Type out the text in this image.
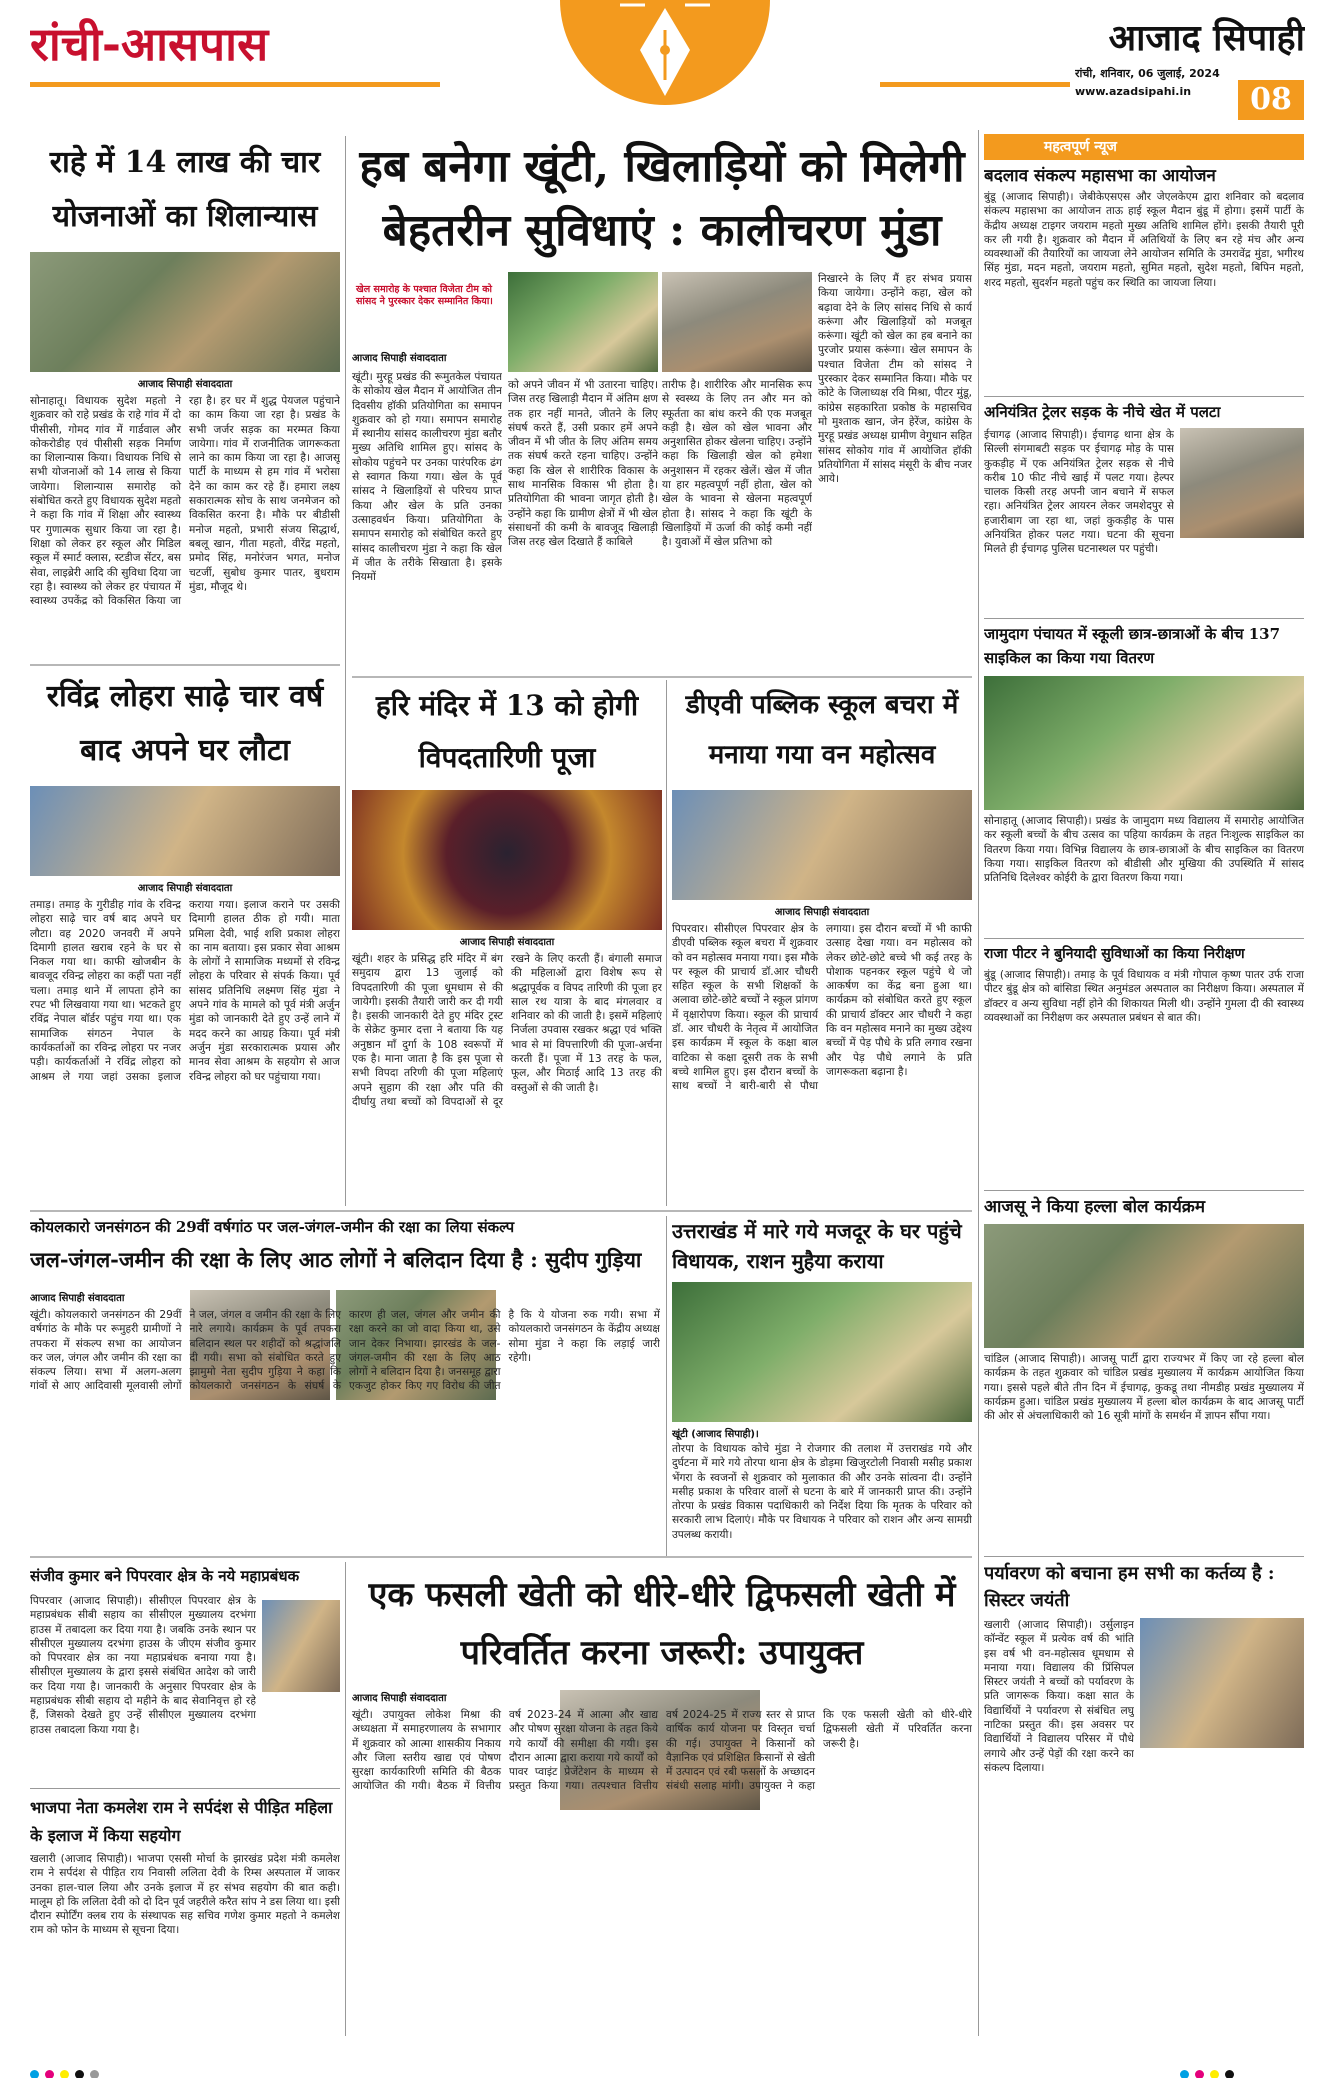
रांची-आसपास	आजाद सिपाही
रांची, शनिवार, 06 जुलाई, 2024
www.azadsipahi.in	08
राहे में 14 लाख की चार योजनाओं का शिलान्यास
आजाद सिपाही संवाददाता
सोनाहातू। विधायक सुदेश महतो ने शुक्रवार को राहे प्रखंड के राहे गांव में दो पीसीसी, गोमद गांव में गार्डवाल और कोकरोडीह एवं पीसीसी सड़क निर्माण का शिलान्यास किया। विधायक निधि से सभी योजनाओं को 14 लाख से किया जायेगा। शिलान्यास समारोह को संबोधित करते हुए विधायक सुदेश महतो ने कहा कि गांव में शिक्षा और स्वास्थ्य पर गुणात्मक सुधार किया जा रहा है। शिक्षा को लेकर हर स्कूल और मिडिल स्कूल में स्मार्ट क्लास, स्टडीज सेंटर, बस सेवा, लाइब्रेरी आदि की सुविधा दिया जा रहा है। स्वास्थ्य को लेकर हर पंचायत में स्वास्थ्य उपकेंद्र को विकसित किया जा रहा है। हर घर में शुद्ध पेयजल पहुंचाने का काम किया जा रहा है। प्रखंड के सभी जर्जर सड़क का मरम्मत किया जायेगा। गांव में राजनीतिक जागरूकता लाने का काम किया जा रहा है। आजसू पार्टी के माध्यम से हम गांव में भरोसा देने का काम कर रहे हैं। हमारा लक्ष्य सकारात्मक सोच के साथ जनमेजन को विकसित करना है। मौके पर बीडीसी मनोज महतो, प्रभारी संजय सिद्धार्थ, बबलू खान, गीता महतो, वीरेंद्र महतो, प्रमोद सिंह, मनोरंजन भगत, मनोज चटर्जी, सुबोध कुमार पातर, बुधराम मुंडा, मौजूद थे।
रविंद्र लोहरा साढ़े चार वर्ष बाद अपने घर लौटा
आजाद सिपाही संवाददाता
तमाड़। तमाड़ के गुरीडीह गांव के रविन्द्र लोहरा साढ़े चार वर्ष बाद अपने घर लौटा। वह 2020 जनवरी में अपने दिमागी हालत खराब रहने के घर से निकल गया था। काफी खोजबीन के बावजूद रविन्द्र लोहरा का कहीं पता नहीं चला। तमाड़ थाने में लापता होने का रपट भी लिखवाया गया था। भटकते हुए रविंद्र नेपाल बॉर्डर पहुंच गया था। एक सामाजिक संगठन नेपाल के कार्यकर्ताओं का रविन्द्र लोहरा पर नजर पड़ी। कार्यकर्ताओं ने रविंद्र लोहरा को आश्रम ले गया जहां उसका इलाज कराया गया। इलाज कराने पर उसकी दिमागी हालत ठीक हो गयी। माता प्रमिला देवी, भाई शशि प्रकाश लोहरा का नाम बताया। इस प्रकार सेवा आश्रम के लोगों ने सामाजिक मध्यमों से रविन्द्र लोहरा के परिवार से संपर्क किया। पूर्व सांसद प्रतिनिधि लक्ष्मण सिंह मुंडा ने अपने गांव के मामले को पूर्व मंत्री अर्जुन मुंडा को जानकारी देते हुए उन्हें लाने में मदद करने का आग्रह किया। पूर्व मंत्री अर्जुन मुंडा सरकारात्मक प्रयास और मानव सेवा आश्रम के सहयोग से आज रविन्द्र लोहरा को घर पहुंचाया गया।
हब बनेगा खूंटी, खिलाड़ियों को मिलेगी
बेहतरीन सुविधाएं : कालीचरण मुंडा
खेल समारोह के पश्चात विजेता टीम को सांसद ने पुरस्कार देकर सम्मानित किया।
आजाद सिपाही संवाददाता
खूंटी। मुरहू प्रखंड की रूमुतकेल पंचायत के सोकोय खेल मैदान में आयोजित तीन दिवसीय हॉकी प्रतियोगिता का समापन शुक्रवार को हो गया। समापन समारोह में स्थानीय सांसद कालीचरण मुंडा बतौर मुख्य अतिथि शामिल हुए। सांसद के सोकोय पहुंचने पर उनका पारंपरिक ढंग से स्वागत किया गया। खेल के पूर्व सांसद ने खिलाड़ियों से परिचय प्राप्त किया और खेल के प्रति उनका उत्साहवर्धन किया। प्रतियोगिता के समापन समारोह को संबोधित करते हुए सांसद कालीचरण मुंडा ने कहा कि खेल में जीत के तरीके सिखाता है। इसके नियमों
को अपने जीवन में भी उतारना चाहिए। जिस तरह खिलाड़ी मैदान में अंतिम क्षण तक हार नहीं मानते, जीतने के लिए संघर्ष करते हैं, उसी प्रकार हमें अपने जीवन में भी जीत के लिए अंतिम समय तक संघर्ष करते रहना चाहिए। उन्होंने कहा कि खेल से शारीरिक विकास के साथ मानसिक विकास भी होता है। प्रतियोगिता की भावना जागृत होती है। उन्होंने कहा कि ग्रामीण क्षेत्रों में भी खेल संसाधनों की कमी के बावजूद खिलाड़ी जिस तरह खेल दिखाते हैं काबिले
तारीफ है। शारीरिक और मानसिक रूप से स्वस्थ्य के लिए तन और मन को स्फूर्तता का बांध करने की एक मजबूत कड़ी है। खेल को खेल भावना और अनुशासित होकर खेलना चाहिए। उन्होंने कहा कि खिलाड़ी खेल को हमेशा अनुशासन में रहकर खेलें। खेल में जीत या हार महत्वपूर्ण नहीं होता, खेल को खेल के भावना से खेलना महत्वपूर्ण होता है। सांसद ने कहा कि खूंटी के खिलाड़ियों में ऊर्जा की कोई कमी नहीं है। युवाओं में खेल प्रतिभा को
निखारने के लिए मैं हर संभव प्रयास किया जायेगा। उन्होंने कहा, खेल को बढ़ावा देने के लिए सांसद निधि से कार्य करूंगा और खिलाड़ियों को मजबूत करूंगा। खूंटी को खेल का हब बनाने का पुरजोर प्रयास करूंगा। खेल समापन के पश्चात विजेता टीम को सांसद ने पुरस्कार देकर सम्मानित किया। मौके पर कोटे के जिलाध्यक्ष रवि मिश्रा, पीटर मुंडू, कांग्रेस सहकारिता प्रकोष्ठ के महासचिव मो मुश्ताक खान, जेन हेरेंज, कांग्रेस के मुरहू प्रखंड अध्यक्ष ग्रामीण वेगुधान सहित सांसद सोकोय गांव में आयोजित हॉकी प्रतियोगिता में सांसद मंसूरी के बीच नजर आये।
हरि मंदिर में 13 को होगी विपदतारिणी पूजा
आजाद सिपाही संवाददाता
खूंटी। शहर के प्रसिद्ध हरि मंदिर में बंग समुदाय द्वारा 13 जुलाई को विपदतारिणी की पूजा धूमधाम से की जायेगी। इसकी तैयारी जारी कर दी गयी है। इसकी जानकारी देते हुए मंदिर ट्रस्ट के सेक्रेट कुमार दत्ता ने बताया कि यह अनुष्ठान माँ दुर्गा के 108 स्वरूपों में एक है। माना जाता है कि इस पूजा से सभी विपदा तरिणी की पूजा महिलाएं अपने सुहाग की रक्षा और पति की दीर्घायु तथा बच्चों को विपदाओं से दूर रखने के लिए करती हैं। बंगाली समाज की महिलाओं द्वारा विशेष रूप से श्रद्धापूर्वक व विपद तारिणी की पूजा हर साल रथ यात्रा के बाद मंगलवार व शनिवार को की जाती है। इसमें महिलाएं निर्जला उपवास रखकर श्रद्धा एवं भक्ति भाव से मां विपत्तारिणी की पूजा-अर्चना करती हैं। पूजा में 13 तरह के फल, फूल, और मिठाई आदि 13 तरह की वस्तुओं से की जाती है।
डीएवी पब्लिक स्कूल बचरा में मनाया गया वन महोत्सव
आजाद सिपाही संवाददाता
पिपरवार। सीसीएल पिपरवार क्षेत्र के डीएवी पब्लिक स्कूल बचरा में शुक्रवार को वन महोत्सव मनाया गया। इस मौके पर स्कूल की प्राचार्य डॉ.आर चौधरी सहित स्कूल के सभी शिक्षकों के अलावा छोटे-छोटे बच्चों ने स्कूल प्रांगण में वृक्षारोपण किया। स्कूल की प्राचार्य डॉ. आर चौधरी के नेतृत्व में आयोजित इस कार्यक्रम में स्कूल के कक्षा बाल वाटिका से कक्षा दूसरी तक के सभी बच्चे शामिल हुए। इस दौरान बच्चों के साथ बच्चों ने बारी-बारी से पौधा लगाया। इस दौरान बच्चों में भी काफी उत्साह देखा गया। वन महोत्सव को लेकर छोटे-छोटे बच्चे भी कई तरह के पोशाक पहनकर स्कूल पहुंचे थे जो आकर्षण का केंद्र बना हुआ था। कार्यक्रम को संबोधित करते हुए स्कूल की प्राचार्य डॉक्टर आर चौधरी ने कहा कि वन महोत्सव मनाने का मुख्य उद्देश्य बच्चों में पेड़ पौधे के प्रति लगाव रखना और पेड़ पौधे लगाने के प्रति जागरूकता बढ़ाना है।
कोयलकारो जनसंगठन की 29वीं वर्षगांठ पर जल-जंगल-जमीन की रक्षा का लिया संकल्प
जल-जंगल-जमीन की रक्षा के लिए आठ लोगों ने बलिदान दिया है : सुदीप गुड़िया
आजाद सिपाही संवाददाता
खूंटी। कोयलकारो जनसंगठन की 29वीं वर्षगांठ के मौके पर रूमुहरी ग्रामीणों ने तपकरा में संकल्प सभा का आयोजन कर जल, जंगल और जमीन की रक्षा का संकल्प लिया। सभा में अलग-अलग गांवों से आए आदिवासी मूलवासी लोगों ने जल, जंगल व जमीन की रक्षा के लिए नारे लगाये। कार्यक्रम के पूर्व तपकरा बलिदान स्थल पर शहीदों को श्रद्धांजलि दी गयी। सभा को संबोधित करते हुए झामुमो नेता सुदीप गुड़िया ने कहा कि कोयलकारो जनसंगठन के संघर्ष के कारण ही जल, जंगल और जमीन की रक्षा करने का जो वादा किया था, उसे जान देकर निभाया। झारखंड के जल-जंगल-जमीन की रक्षा के लिए आठ लोगों ने बलिदान दिया है। जनसमूह द्वारा एकजुट होकर किए गए विरोध की जीत है कि ये योजना रुक गयी। सभा में कोयलकारो जनसंगठन के केंद्रीय अध्यक्ष सोमा मुंडा ने कहा कि लड़ाई जारी रहेगी।
उत्तराखंड में मारे गये मजदूर के घर पहुंचे विधायक, राशन मुहैया कराया
खूंटी (आजाद सिपाही)।
तोरपा के विधायक कोचे मुंडा ने रोजगार की तलाश में उत्तराखंड गये और दुर्घटना में मारे गये तोरपा थाना क्षेत्र के डोड़मा खिजुरटोली निवासी मसीह प्रकाश भेंगरा के स्वजनों से शुक्रवार को मुलाकात की और उनके सांत्वना दी। उन्होंने मसीह प्रकाश के परिवार वालों से घटना के बारे में जानकारी प्राप्त की। उन्होंने तोरपा के प्रखंड विकास पदाधिकारी को निर्देश दिया कि मृतक के परिवार को सरकारी लाभ दिलाएं। मौके पर विधायक ने परिवार को राशन और अन्य सामग्री उपलब्ध करायी।
संजीव कुमार बने पिपरवार क्षेत्र के नये महाप्रबंधक
पिपरवार (आजाद सिपाही)। सीसीएल पिपरवार क्षेत्र के महाप्रबंधक सीबी सहाय का सीसीएल मुख्यालय दरभंगा हाउस में तबादला कर दिया गया है। जबकि उनके स्थान पर सीसीएल मुख्यालय दरभंगा हाउस के जीएम संजीव कुमार को पिपरवार क्षेत्र का नया महाप्रबंधक बनाया गया है। सीसीएल मुख्यालय के द्वारा इससे संबंधित आदेश को जारी कर दिया गया है। जानकारी के अनुसार पिपरवार क्षेत्र के महाप्रबंधक सीबी सहाय दो महीने के बाद सेवानिवृत्त हो रहे हैं, जिसको देखते हुए उन्हें सीसीएल मुख्यालय दरभंगा हाउस तबादला किया गया है।
भाजपा नेता कमलेश राम ने सर्पदंश से पीड़ित महिला के इलाज में किया सहयोग
खलारी (आजाद सिपाही)। भाजपा एससी मोर्चा के झारखंड प्रदेश मंत्री कमलेश राम ने सर्पदंश से पीड़ित राय निवासी ललिता देवी के रिम्स अस्पताल में जाकर उनका हाल-चाल लिया और उनके इलाज में हर संभव सहयोग की बात कही। मालूम हो कि ललिता देवी को दो दिन पूर्व जहरीले करैत सांप ने डस लिया था। इसी दौरान स्पोर्टिंग क्लब राय के संस्थापक सह सचिव गणेश कुमार महतो ने कमलेश राम को फोन के माध्यम से सूचना दिया।
एक फसली खेती को धीरे-धीरे द्विफसली खेती में परिवर्तित करना जरूरी: उपायुक्त
आजाद सिपाही संवाददाता
खूंटी। उपायुक्त लोकेश मिश्रा की अध्यक्षता में समाहरणालय के सभागार में शुक्रवार को आत्मा शासकीय निकाय और जिला स्तरीय खाद्य एवं पोषण सुरक्षा कार्यकारिणी समिति की बैठक आयोजित की गयी। बैठक में वित्तीय वर्ष 2023-24 में आत्मा और खाद्य और पोषण सुरक्षा योजना के तहत किये गये कार्यों की समीक्षा की गयी। इस दौरान आत्मा द्वारा कराया गये कार्यों को पावर प्वाइंट प्रेजेंटेशन के माध्यम से प्रस्तुत किया गया। तत्पश्चात वित्तीय वर्ष 2024-25 में राज्य स्तर से प्राप्त वार्षिक कार्य योजना पर विस्तृत चर्चा की गई। उपायुक्त ने किसानों को वैज्ञानिक एवं प्रशिक्षित किसानों से खेती में उत्पादन एवं रबी फसलों के अच्छादन संबंधी सलाह मांगी। उपायुक्त ने कहा कि एक फसली खेती को धीरे-धीरे द्विफसली खेती में परिवर्तित करना जरूरी है।
महत्वपूर्ण न्यूज
बदलाव संकल्प महासभा का आयोजन
बुंडू (आजाद सिपाही)। जेबीकेएसएस और जेएलकेएम द्वारा शनिवार को बदलाव संकल्प महासभा का आयोजन ताऊ हाई स्कूल मैदान बुंडू में होगा। इसमें पार्टी के केंद्रीय अध्यक्ष टाइगर जयराम महतो मुख्य अतिथि शामिल होंगे। इसकी तैयारी पूरी कर ली गयी है। शुक्रवार को मैदान में अतिथियों के लिए बन रहे मंच और अन्य व्यवस्थाओं की तैयारियों का जायजा लेने आयोजन समिति के उमरावेंद्र मुंडा, भगीरथ सिंह मुंडा, मदन महतो, जयराम महतो, सुमित महतो, सुदेश महतो, बिपिन महतो, शरद महतो, सुदर्शन महतो पहुंच कर स्थिति का जायजा लिया।
अनियंत्रित ट्रेलर सड़क के नीचे खेत में पलटा
ईचागढ़ (आजाद सिपाही)। ईचागढ़ थाना क्षेत्र के सिल्ली संगमाबटी सड़क पर ईचागढ़ मोड़ के पास कुकड़ीह में एक अनियंत्रित ट्रेलर सड़क से नीचे करीब 10 फीट नीचे खाई में पलट गया। हेल्पर चालक किसी तरह अपनी जान बचाने में सफल रहा। अनियंत्रित ट्रेलर आयरन लेकर जमशेदपुर से हजारीबाग जा रहा था, जहां कुकड़ीह के पास अनियंत्रित होकर पलट गया। घटना की सूचना मिलते ही ईचागढ़ पुलिस घटनास्थल पर पहुंची।
जामुदाग पंचायत में स्कूली छात्र-छात्राओं के बीच 137 साइकिल का किया गया वितरण
सोनाहातू (आजाद सिपाही)। प्रखंड के जामुदाग मध्य विद्यालय में समारोह आयोजित कर स्कूली बच्चों के बीच उत्सव का पहिया कार्यक्रम के तहत निःशुल्क साइकिल का वितरण किया गया। विभिन्न विद्यालय के छात्र-छात्राओं के बीच साइकिल का वितरण किया गया। साइकिल वितरण को बीडीसी और मुखिया की उपस्थिति में सांसद प्रतिनिधि दिलेश्वर कोईरी के द्वारा वितरण किया गया।
राजा पीटर ने बुनियादी सुविधाओं का किया निरीक्षण
बुंडू (आजाद सिपाही)। तमाड़ के पूर्व विधायक व मंत्री गोपाल कृष्ण पातर उर्फ राजा पीटर बुंडू क्षेत्र को बांसिडा स्थित अनुमंडल अस्पताल का निरीक्षण किया। अस्पताल में डॉक्टर व अन्य सुविधा नहीं होने की शिकायत मिली थी। उन्होंने गुमला दी की स्वास्थ्य व्यवस्थाओं का निरीक्षण कर अस्पताल प्रबंधन से बात की।
आजसू ने किया हल्ला बोल कार्यक्रम
चांडिल (आजाद सिपाही)। आजसू पार्टी द्वारा राज्यभर में किए जा रहे हल्ला बोल कार्यक्रम के तहत शुक्रवार को चांडिल प्रखंड मुख्यालय में कार्यक्रम आयोजित किया गया। इससे पहले बीते तीन दिन में ईचागढ़, कुकडू तथा नीमडीह प्रखंड मुख्यालय में कार्यक्रम हुआ। चांडिल प्रखंड मुख्यालय में हल्ला बोल कार्यक्रम के बाद आजसू पार्टी की ओर से अंचलाधिकारी को 16 सूत्री मांगों के समर्थन में ज्ञापन सौंपा गया।
पर्यावरण को बचाना हम सभी का कर्तव्य है : सिस्टर जयंती
खलारी (आजाद सिपाही)। उर्सुलाइन कॉन्वेंट स्कूल में प्रत्येक वर्ष की भांति इस वर्ष भी वन-महोत्सव धूमधाम से मनाया गया। विद्यालय की प्रिंसिपल सिस्टर जयंती ने बच्चों को पर्यावरण के प्रति जागरूक किया। कक्षा सात के विद्यार्थियों ने पर्यावरण से संबंधित लघु नाटिका प्रस्तुत की। इस अवसर पर विद्यार्थियों ने विद्यालय परिसर में पौधे लगाये और उन्हें पेड़ों की रक्षा करने का संकल्प दिलाया।
